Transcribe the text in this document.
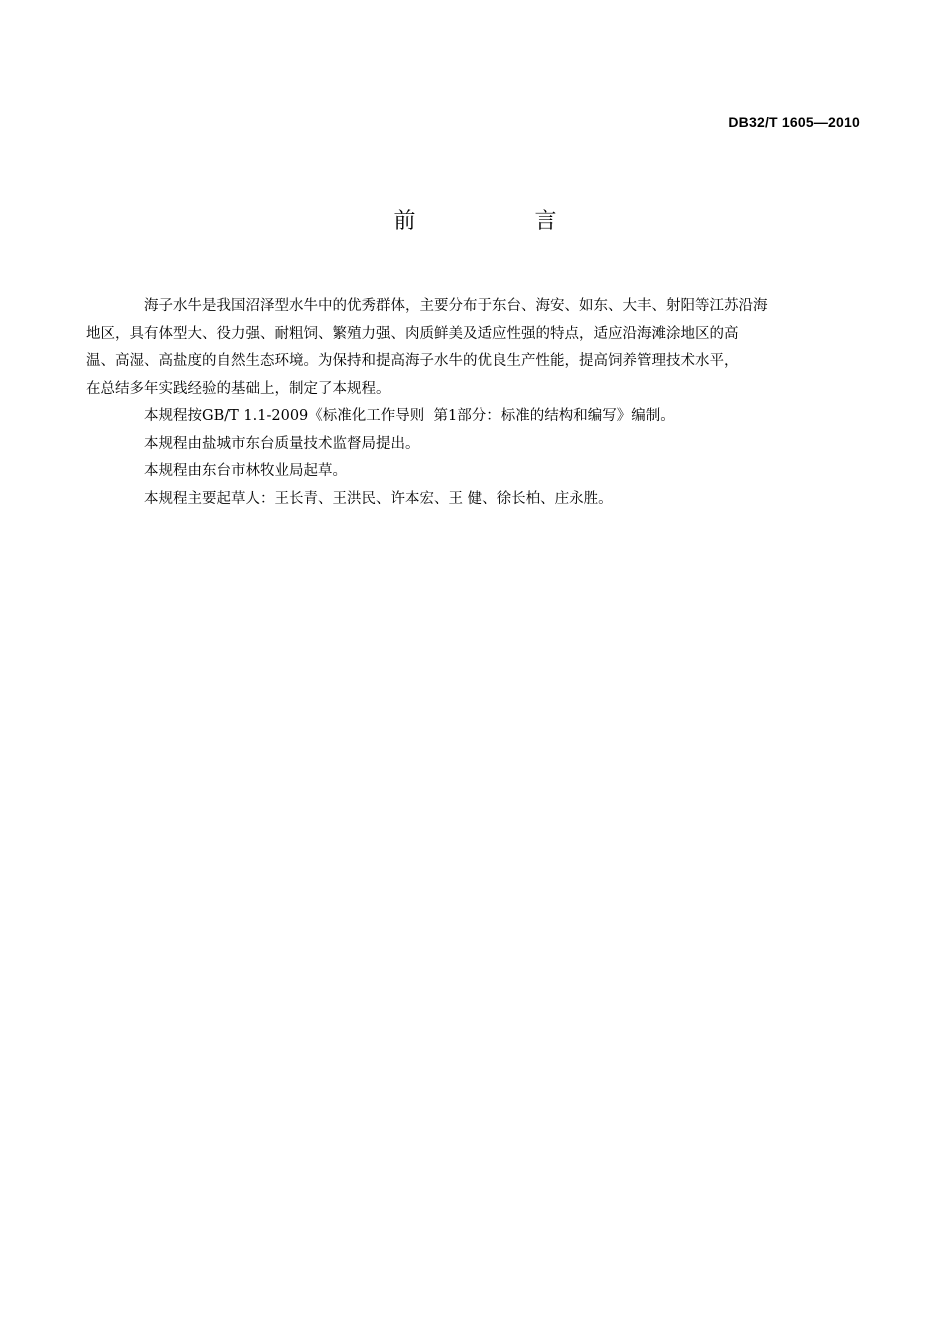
DB32/T 1605—2010
前 言

海子水牛是我国沼泽型水牛中的优秀群体，主要分布于东台、海安、如东、大丰、射阳等江苏沿海
地区，具有体型大、役力强、耐粗饲、繁殖力强、肉质鲜美及适应性强的特点，适应沿海滩涂地区的高
温、高湿、高盐度的自然生态环境。为保持和提高海子水牛的优良生产性能，提高饲养管理技术水平，
在总结多年实践经验的基础上，制定了本规程。

本规程按GB/T 1.1-2009《标准化工作导则  第1部分：标准的结构和编写》编制。

本规程由盐城市东台质量技术监督局提出。

本规程由东台市林牧业局起草。

本规程主要起草人：王长青、王洪民、许本宏、王 健、徐长柏、庄永胜。
